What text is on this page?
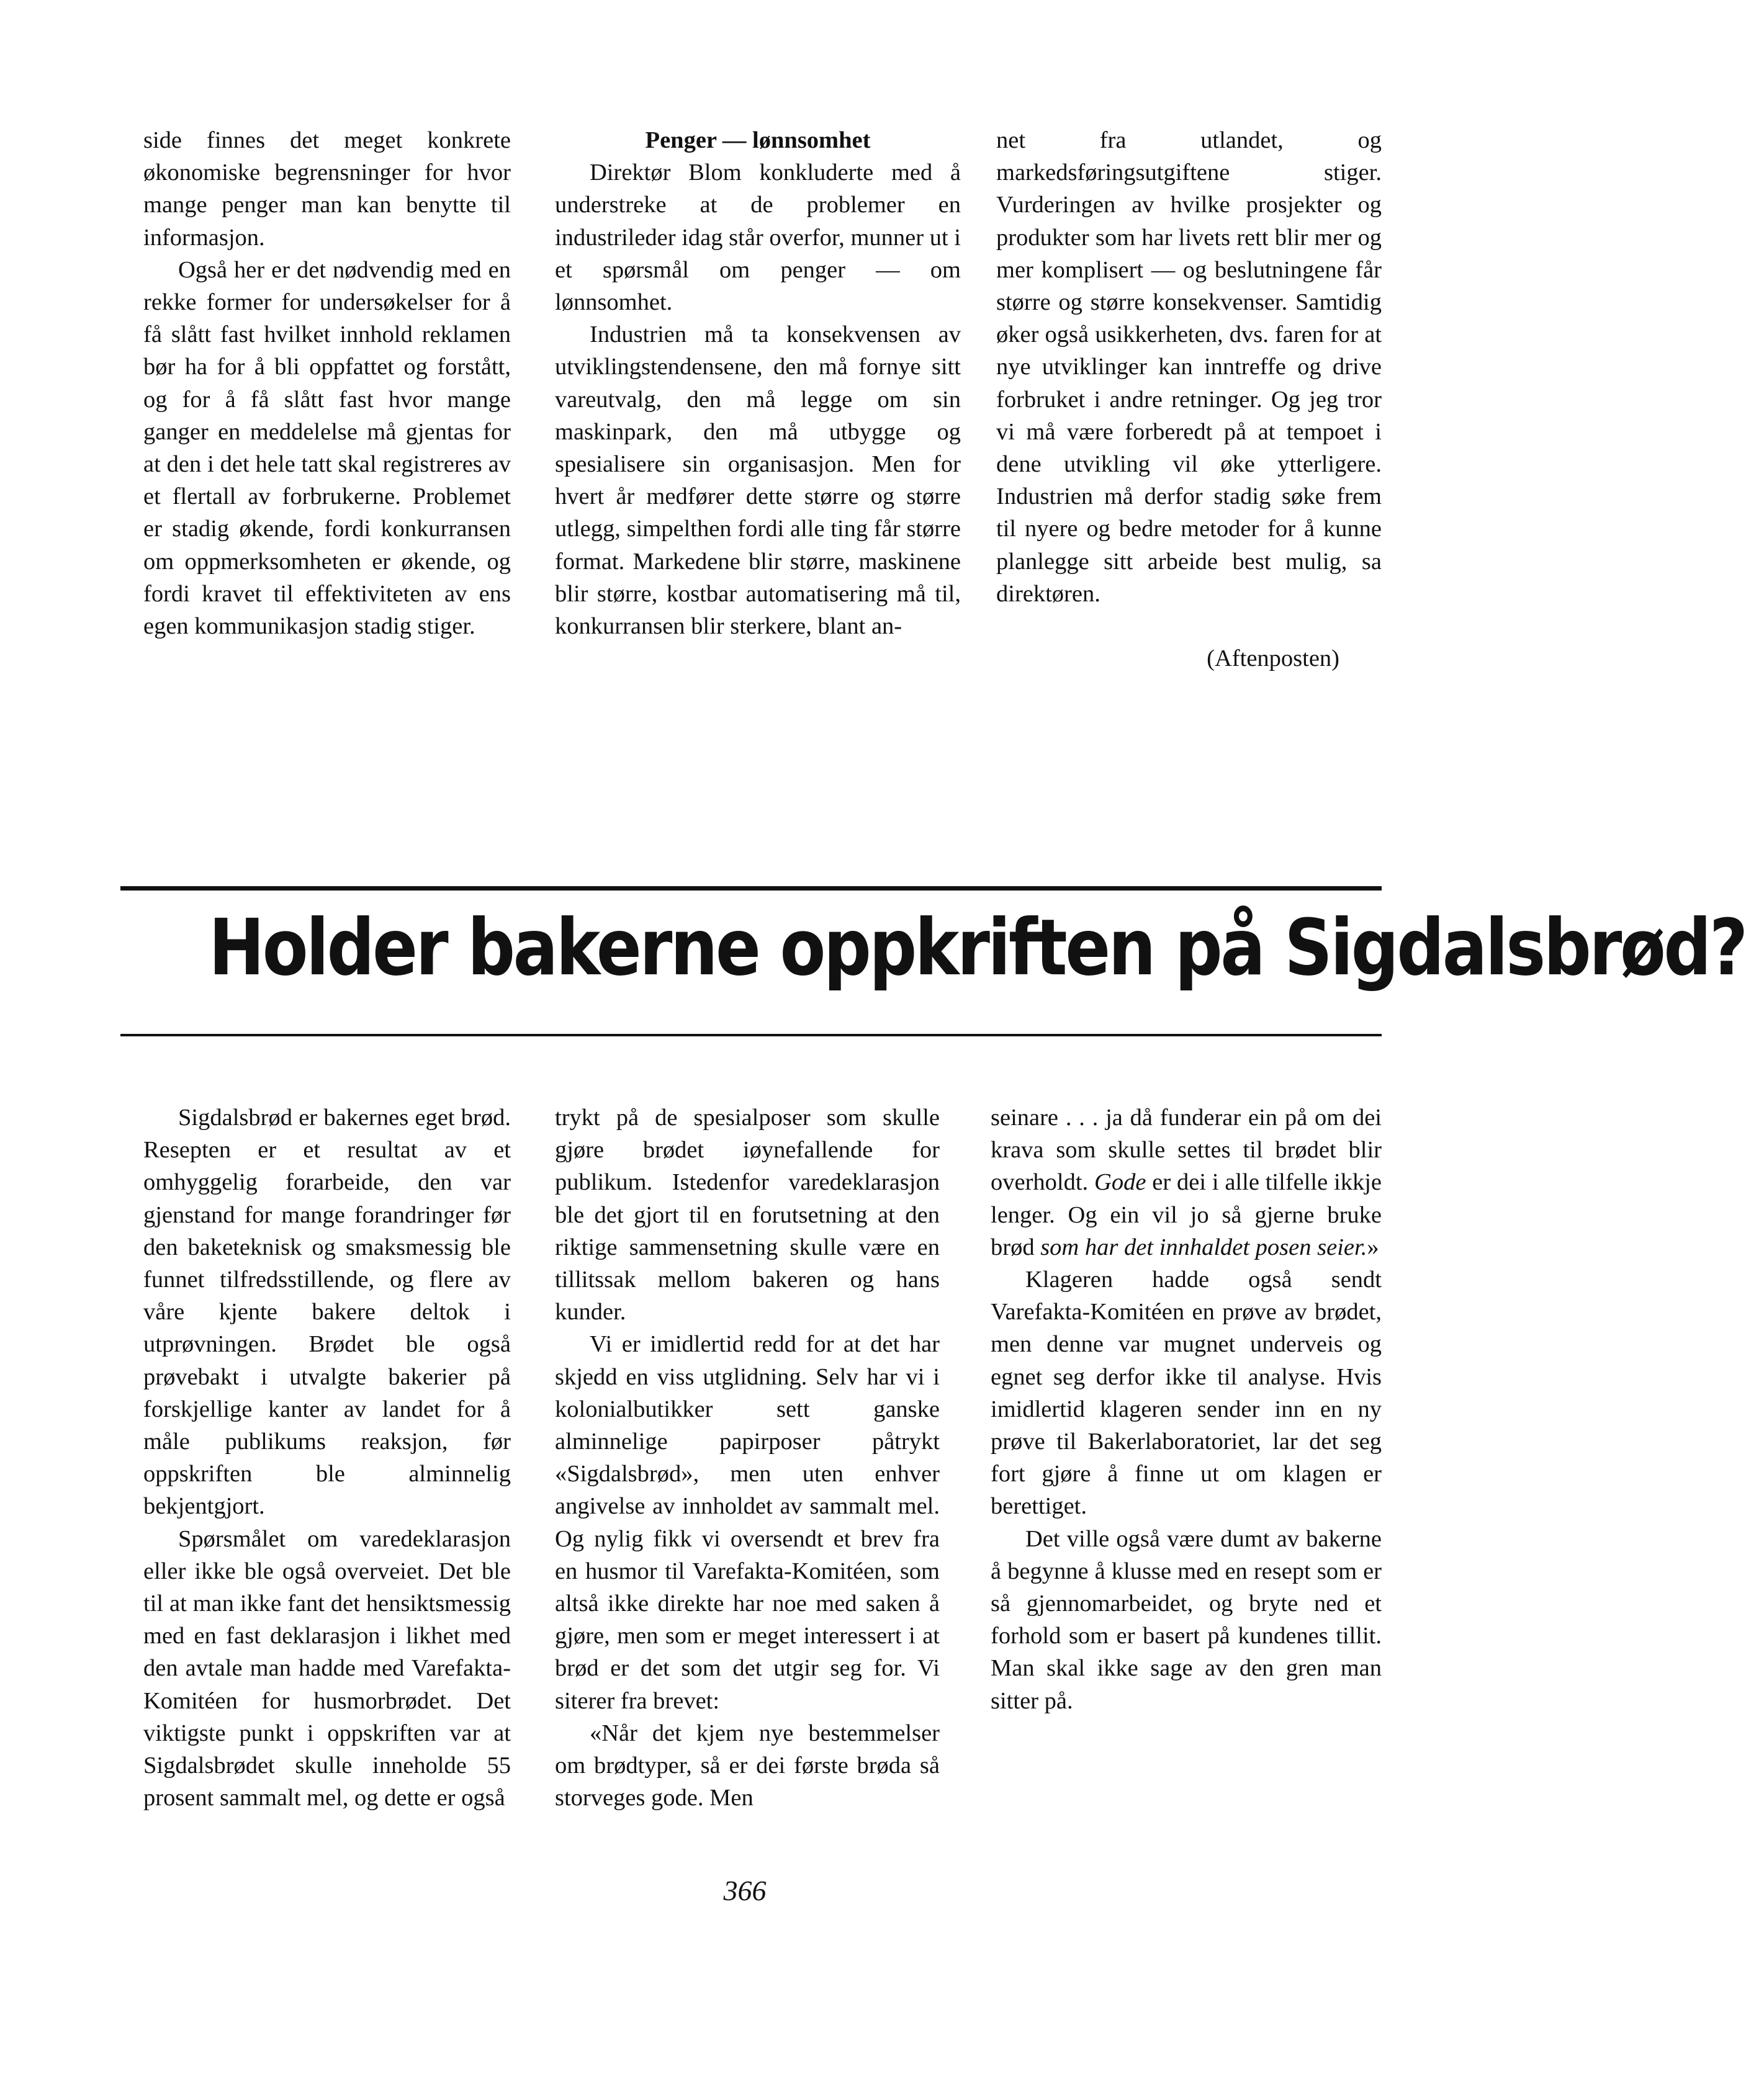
side finnes det meget konkrete økonomiske begrensninger for hvor mange penger man kan benytte til informasjon.

Også her er det nødvendig med en rekke former for undersøkelser for å få slått fast hvilket innhold reklamen bør ha for å bli oppfattet og forstått, og for å få slått fast hvor mange ganger en meddelelse må gjentas for at den i det hele tatt skal registreres av et flertall av forbrukerne. Problemet er stadig økende, fordi konkurransen om oppmerksomheten er økende, og fordi kravet til effektiviteten av ens egen kommunikasjon stadig stiger.

Penger — lønnsomhet

Direktør Blom konkluderte med å understreke at de problemer en industrileder idag står overfor, munner ut i et spørsmål om penger — om lønnsomhet.

Industrien må ta konsekvensen av utviklingstendensene, den må fornye sitt vareutvalg, den må legge om sin maskinpark, den må utbygge og spesialisere sin organisasjon. Men for hvert år medfører dette større og større utlegg, simpelthen fordi alle ting får større format. Markedene blir større, maskinene blir større, kostbar automatisering må til, konkurransen blir sterkere, blant an-

net fra utlandet, og markedsføringsutgiftene stiger. Vurderingen av hvilke prosjekter og produkter som har livets rett blir mer og mer komplisert — og beslutningene får større og større konsekvenser. Samtidig øker også usikkerheten, dvs. faren for at nye utviklinger kan inntreffe og drive forbruket i andre retninger. Og jeg tror vi må være forberedt på at tempoet i dene utvikling vil øke ytterligere. Industrien må derfor stadig søke frem til nyere og bedre metoder for å kunne planlegge sitt arbeide best mulig, sa direktøren.

(Aftenposten)

Holder bakerne oppkriften på Sigdalsbrød?

Sigdalsbrød er bakernes eget brød. Resepten er et resultat av et omhyggelig forarbeide, den var gjenstand for mange forandringer før den baketeknisk og smaksmessig ble funnet tilfredsstillende, og flere av våre kjente bakere deltok i utprøvningen. Brødet ble også prøvebakt i utvalgte bakerier på forskjellige kanter av landet for å måle publikums reaksjon, før oppskriften ble alminnelig bekjentgjort.

Spørsmålet om varedeklarasjon eller ikke ble også overveiet. Det ble til at man ikke fant det hensiktsmessig med en fast deklarasjon i likhet med den avtale man hadde med Varefakta-Komitéen for husmorbrødet. Det viktigste punkt i oppskriften var at Sigdalsbrødet skulle inneholde 55 prosent sammalt mel, og dette er også

trykt på de spesialposer som skulle gjøre brødet iøynefallende for publikum. Istedenfor varedeklarasjon ble det gjort til en forutsetning at den riktige sammensetning skulle være en tillitssak mellom bakeren og hans kunder.

Vi er imidlertid redd for at det har skjedd en viss utglidning. Selv har vi i kolonialbutikker sett ganske alminnelige papirposer påtrykt «Sigdalsbrød», men uten enhver angivelse av innholdet av sammalt mel. Og nylig fikk vi oversendt et brev fra en husmor til Varefakta-Komitéen, som altså ikke direkte har noe med saken å gjøre, men som er meget interessert i at brød er det som det utgir seg for. Vi siterer fra brevet:

«Når det kjem nye bestemmelser om brødtyper, så er dei første brøda så storveges gode. Men

seinare . . . ja då funderar ein på om dei krava som skulle settes til brødet blir overholdt. Gode er dei i alle tilfelle ikkje lenger. Og ein vil jo så gjerne bruke brød som har det innhaldet posen seier.»

Klageren hadde også sendt Varefakta-Komitéen en prøve av brødet, men denne var mugnet underveis og egnet seg derfor ikke til analyse. Hvis imidlertid klageren sender inn en ny prøve til Bakerlaboratoriet, lar det seg fort gjøre å finne ut om klagen er berettiget.

Det ville også være dumt av bakerne å begynne å klusse med en resept som er så gjennomarbeidet, og bryte ned et forhold som er basert på kundenes tillit. Man skal ikke sage av den gren man sitter på.

366
